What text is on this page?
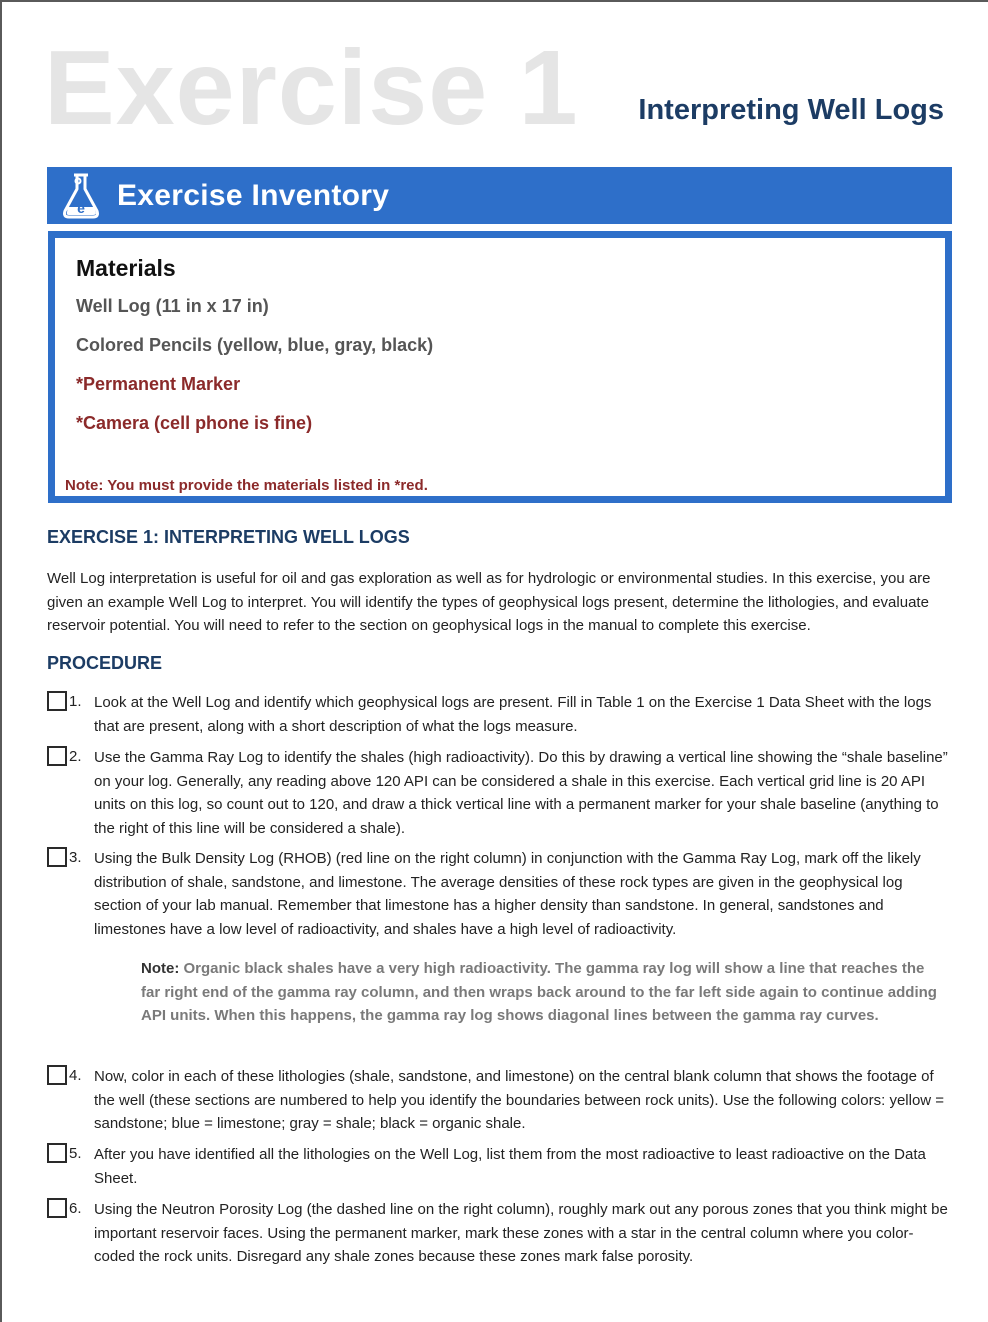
Exercise 1 Interpreting Well Logs
e Exercise Inventory
Materials
Well Log (11 in x 17 in)
Colored Pencils (yellow, blue, gray, black)
*Permanent Marker
*Camera (cell phone is fine)
Note: You must provide the materials listed in *red.
EXERCISE 1: INTERPRETING WELL LOGS
Well Log interpretation is useful for oil and gas exploration as well as for hydrologic or environmental studies. In this exercise, you are given an example Well Log to interpret. You will identify the types of geophysical logs present, determine the lithologies, and evaluate reservoir potential. You will need to refer to the section on geophysical logs in the manual to complete this exercise.
PROCEDURE
1. Look at the Well Log and identify which geophysical logs are present. Fill in Table 1 on the Exercise 1 Data Sheet with the logs that are present, along with a short description of what the logs measure.
2. Use the Gamma Ray Log to identify the shales (high radioactivity). Do this by drawing a vertical line showing the “shale baseline” on your log. Generally, any reading above 120 API can be considered a shale in this exercise. Each vertical grid line is 20 API units on this log, so count out to 120, and draw a thick vertical line with a permanent marker for your shale baseline (anything to the right of this line will be considered a shale).
3. Using the Bulk Density Log (RHOB) (red line on the right column) in conjunction with the Gamma Ray Log, mark off the likely distribution of shale, sandstone, and limestone. The average densities of these rock types are given in the geophysical log section of your lab manual. Remember that limestone has a higher density than sandstone. In general, sandstones and limestones have a low level of radioactivity, and shales have a high level of radioactivity.
Note: Organic black shales have a very high radioactivity. The gamma ray log will show a line that reaches the far right end of the gamma ray column, and then wraps back around to the far left side again to continue adding API units. When this happens, the gamma ray log shows diagonal lines between the gamma ray curves.
4. Now, color in each of these lithologies (shale, sandstone, and limestone) on the central blank column that shows the footage of the well (these sections are numbered to help you identify the boundaries between rock units). Use the following colors: yellow = sandstone; blue = limestone; gray = shale; black = organic shale.
5. After you have identified all the lithologies on the Well Log, list them from the most radioactive to least radioactive on the Data Sheet.
6. Using the Neutron Porosity Log (the dashed line on the right column), roughly mark out any porous zones that you think might be important reservoir faces. Using the permanent marker, mark these zones with a star in the central column where you color-coded the rock units. Disregard any shale zones because these zones mark false porosity.
